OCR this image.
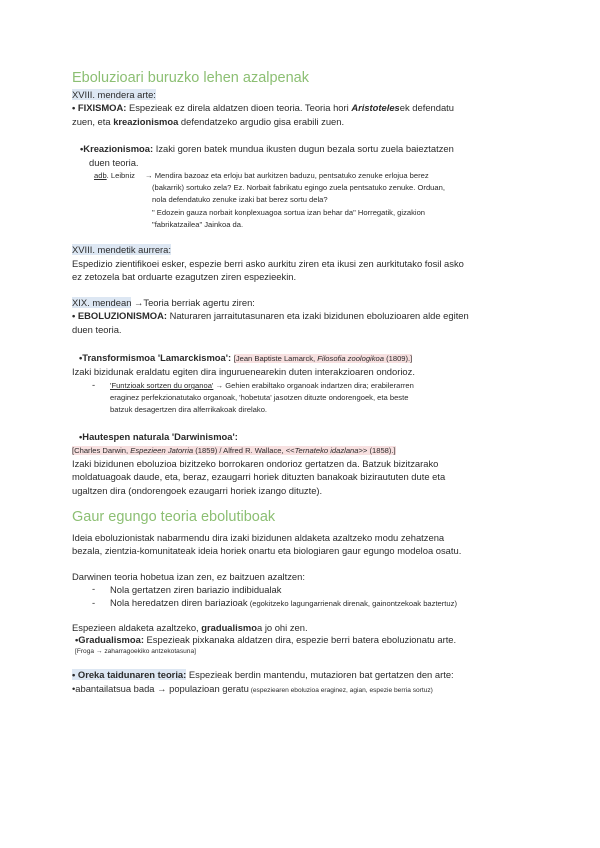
Eboluzioari buruzko lehen azalpenak
XVIII. mendera arte:
• FIXISMOA: Espezieak ez direla aldatzen dioen teoria. Teoria hori Aristotelesek defendatu
zuen, eta kreazionismoa defendatzeko argudio gisa erabili zuen.
•Kreazionismoa: Izaki goren batek mundua ikusten dugun bezala sortu zuela baieztatzen
duen teoria.
adb. Leibniz → Mendira bazoaz eta erloju bat aurkitzen baduzu, pentsatuko zenuke erlojua berez
(bakarrik) sortuko zela? Ez. Norbait fabrikatu egingo zuela pentsatuko zenuke. Orduan,
nola defendatuko zenuke izaki bat berez sortu dela?
" Edozein gauza norbait konplexuagoa sortua izan behar da" Horregatik, gizakion
"fabrikatzailea" Jainkoa da.
XVIII. mendetik aurrera:
Espedizio zientifikoei esker, espezie berri asko aurkitu ziren eta ikusi zen aurkitutako fosil asko
ez zetozela bat orduarte ezagutzen ziren espezieekin.
XIX. mendean →Teoria berriak agertu ziren:
• EBOLUZIONISMOA: Naturaren jarraitutasunaren eta izaki bizidunen eboluzioaren alde egiten
duen teoria.
•Transformismoa 'Lamarckismoa': [Jean Baptiste Lamarck, Filosofia zoologikoa (1809).]
Izaki bizidunak eraldatu egiten dira inguruenearekin duten interakzioaren ondorioz.
- 'Funtzioak sortzen du organoa' → Gehien erabiltako organoak indartzen dira; erabilerarren
eraginez perfekzionatutako organoak, 'hobetuta' jasotzen dituzte ondorengoek, eta beste
batzuk desagertzen dira alferrikakoak direlako.
•Hautespen naturala 'Darwinismoa':
[Charles Darwin, Espezieen Jatorria (1859) / Alfred R. Wallace, <<Ternateko idazlana>> (1858).]
Izaki bizidunen eboluzioa bizitzeko borrokaren ondorioz gertatzen da. Batzuk bizitzarako
moldatuagoak daude, eta, beraz, ezaugarri horiek dituzten banakoak biziraututen dute eta
ugaltzen dira (ondorengoek ezaugarri horiek izango dituzte).
Gaur egungo teoria ebolutiboak
Ideia eboluzionistak nabarmendu dira izaki bizidunen aldaketa azaltzeko modu zehatzena
bezala, zientzia-komunitateak ideia horiek onartu eta biologiaren gaur egungo modeloa osatu.
Darwinen teoria hobetua izan zen, ez baitzuen azaltzen:
- Nola gertatzen ziren bariazio indibidualak
- Nola heredatzen diren bariazioak (egokitzeko lagungarrienak direnak, gainontzekoak baztertuz)
Espezieen aldaketa azaltzeko, gradualismoa jo ohi zen.
•Gradualismoa: Espezieak pixkanaka aldatzen dira, espezie berri batera eboluzionatu arte.
[Froga → zaharragoekiko antzekotasuna]
• Oreka taidunaren teoria: Espezieak berdin mantendu, mutazioren bat gertatzen den arte:
•abantailatsua bada → populazioan geratu (espeziearen eboluzioa eraginez, agian, espezie berria sortuz)
